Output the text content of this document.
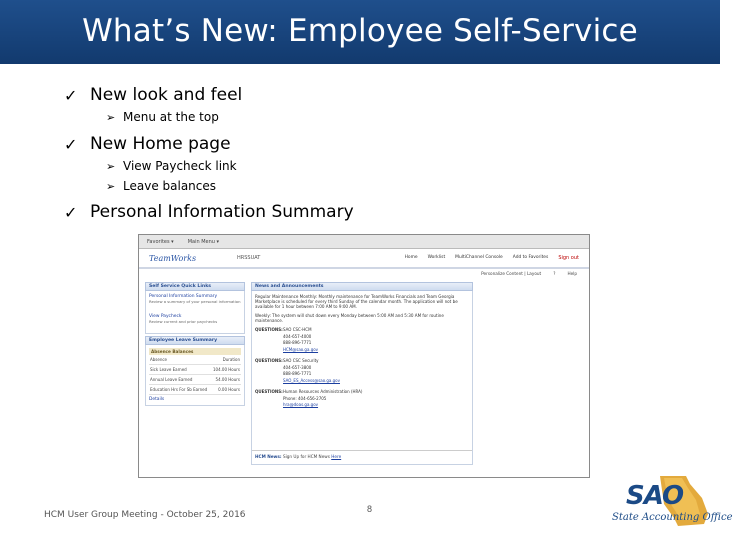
What’s New: Employee Self-Service
✓ New look and feel
➢ Menu at the top
✓ New Home page
➢ View Paycheck link
➢ Leave balances
✓ Personal Information Summary
Favorites ▾	Main Menu ▾
TeamWorks	HRSSUAT	Home Worklist MultiChannel Console Add to Favorites Sign out
Personalize Content | Layout	?	Help
Self Service Quick Links
Personal Information Summary
Review a summary of your personal information
View Paycheck
Review current and prior paychecks
Employee Leave Summary
Absence Balances
Absence	Duration
Sick Leave Earned	104.00 Hours
Annual Leave Earned	54.00 Hours
Education Hrs For Sb Earned	0.00 Hours
Details
News and Announcements
Regular Maintenance Monthly: Monthly maintenance for TeamWorks Financials and Team Georgia Marketplace is scheduled for every third Sunday of the calendar month. The application will not be available for 1 hour between 7:00 AM to 9:00 AM.
Weekly: The system will shut down every Monday between 5:00 AM and 5:30 AM for routine maintenance.
QUESTIONS: SAO CSC-HCM
404-657-4000
888-896-7771
HCM@sao.ga.gov
QUESTIONS: SAO CSC Security
404-657-3800
888-896-7771
SAO_ES_Access@sao.ga.gov
QUESTIONS: Human Resources Administration (HRA)
Phone: 404-656-2705
hra@doas.ga.gov
HCM News: Sign Up for HCM News Here
HCM User Group Meeting - October 25, 2016
8	SAO
State Accounting Office
